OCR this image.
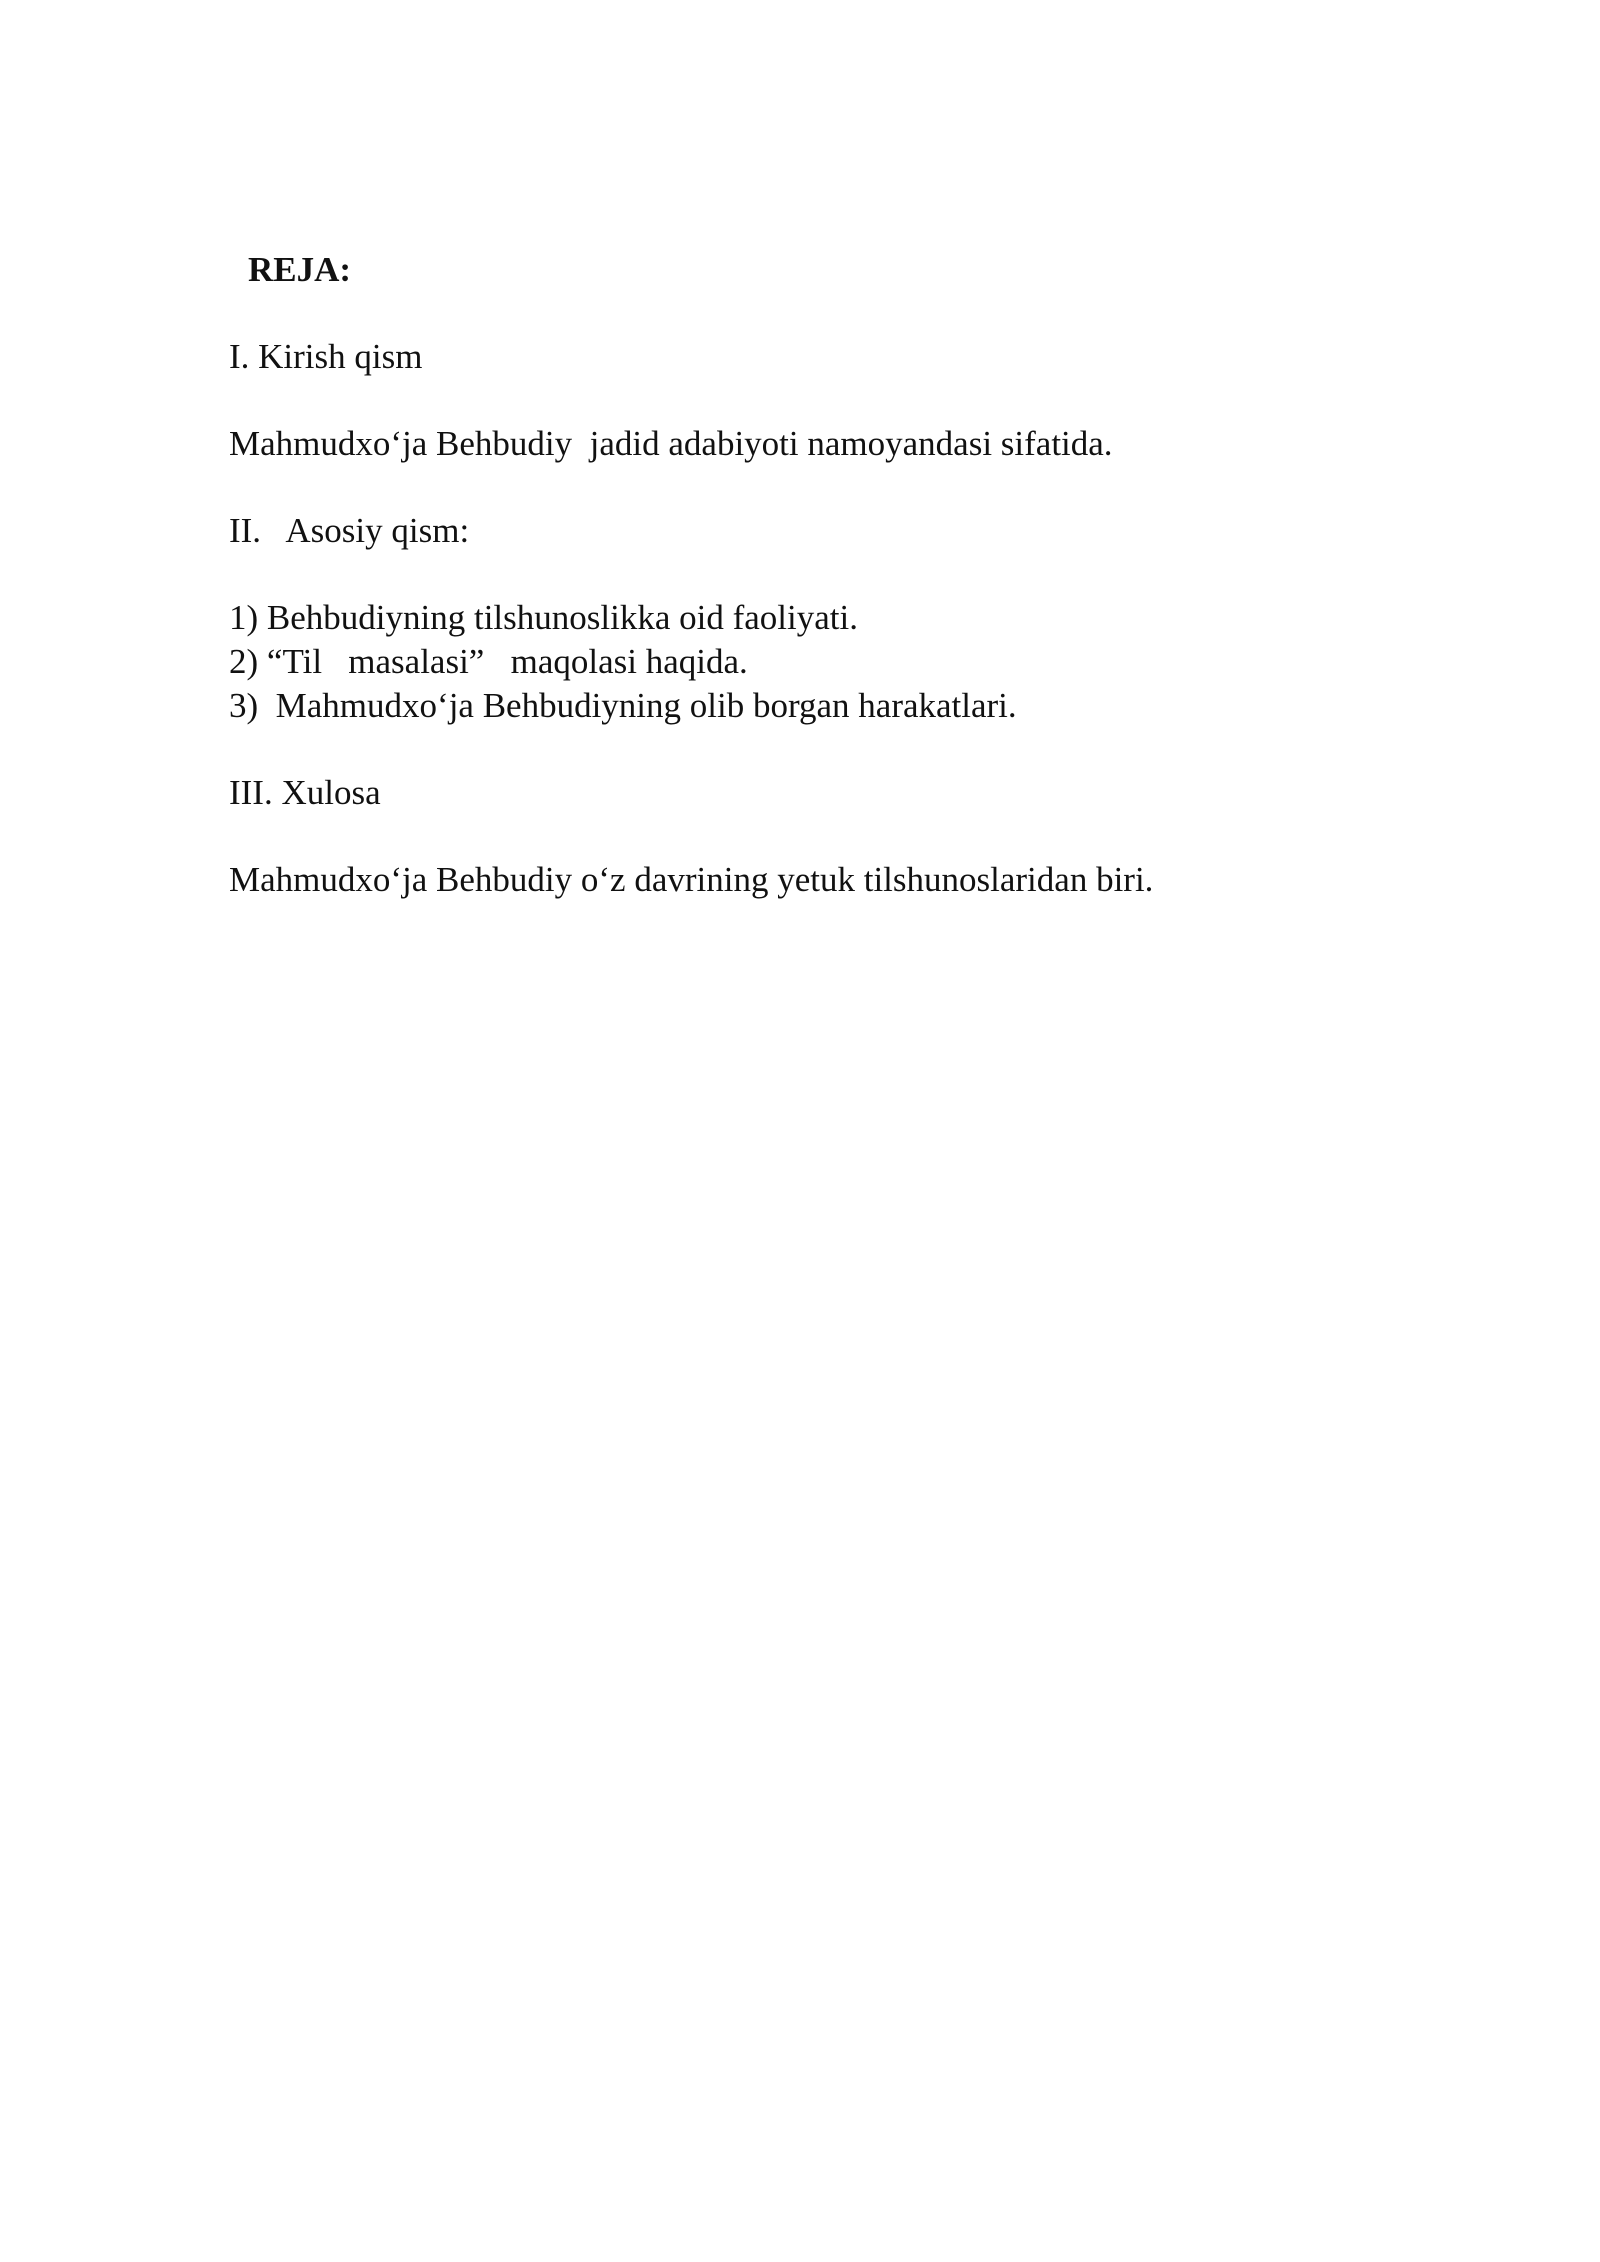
REJA:

I. Kirish qism

Mahmudxo‘ja Behbudiy  jadid adabiyoti namoyandasi sifatida.

II.   Asosiy qism:

1) Behbudiyning tilshunoslikka oid faoliyati.

2) “Til   masalasi”   maqolasi haqida.

3)  Mahmudxo‘ja Behbudiyning olib borgan harakatlari.

III. Xulosa

Mahmudxo‘ja Behbudiy o‘z davrining yetuk tilshunoslaridan biri.
